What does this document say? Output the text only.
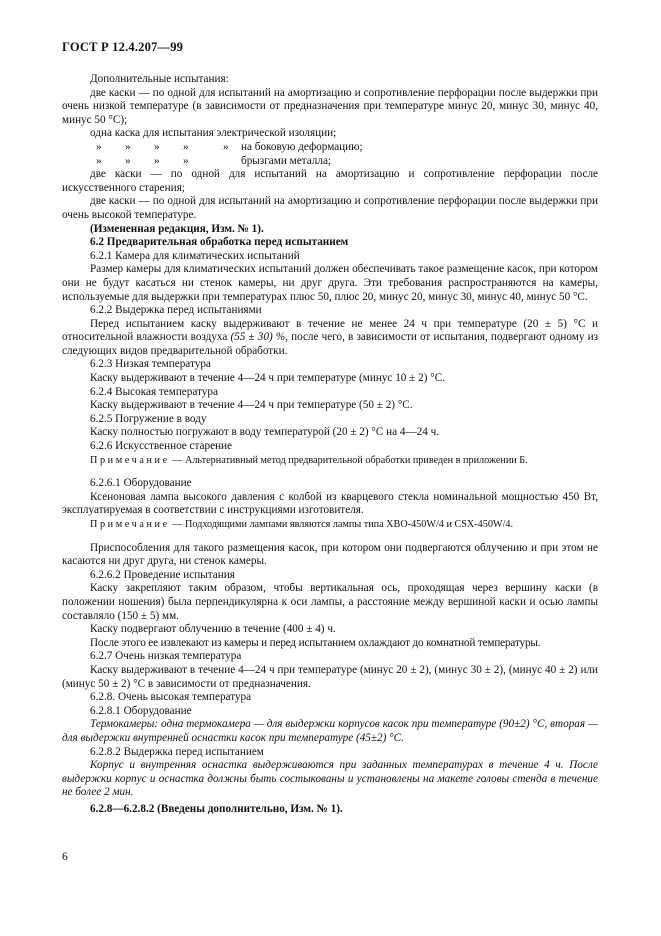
ГОСТ Р 12.4.207—99

Дополнительные испытания:

две каски — по одной для испытаний на амортизацию и сопротивление перфорации после выдержки при очень низкой температуре (в зависимости от предназначения при температуре минус 20, минус 30, минус 40, минус 50 °С);

одна каска для испытания электрической изоляции;

»	»	»	»	»	на боковую деформацию;
»	»	»	»	брызгами металла;

две каски — по одной для испытаний на амортизацию и сопротивление перфорации после искусственного старения;

две каски — по одной для испытаний на амортизацию и сопротивление перфорации после выдержки при очень высокой температуре.

(Измененная редакция, Изм. № 1).

6.2 Предварительная обработка перед испытанием

6.2.1 Камера для климатических испытаний

Размер камеры для климатических испытаний должен обеспечивать такое размещение касок, при котором они не будут касаться ни стенок камеры, ни друг друга. Эти требования распространяются на камеры, используемые для выдержки при температурах плюс 50, плюс 20, минус 20, минус 30, минус 40, минус 50 °С.

6.2.2 Выдержка перед испытаниями

Перед испытанием каску выдерживают в течение не менее 24 ч при температуре (20 ± 5) °С и относительной влажности воздуха (55 ± 30) %, после чего, в зависимости от испытания, подвергают одному из следующих видов предварительной обработки.

6.2.3 Низкая температура

Каску выдерживают в течение 4—24 ч при температуре (минус 10 ± 2) °С.

6.2.4 Высокая температура

Каску выдерживают в течение 4—24 ч при температуре (50 ± 2) °С.

6.2.5 Погружение в воду

Каску полностью погружают в воду температурой (20 ± 2) °С на 4—24 ч.

6.2.6 Искусственное старение

Примечание — Альтернативный метод предварительной обработки приведен в приложении Б.

6.2.6.1 Оборудование

Ксеноновая лампа высокого давления с колбой из кварцевого стекла номинальной мощностью 450 Вт, эксплуатируемая в соответствии с инструкциями изготовителя.

Примечание — Подходящими лампами являются лампы типа XBO-450W/4 и CSX-450W/4.

Приспособления для такого размещения касок, при котором они подвергаются облучению и при этом не касаются ни друг друга, ни стенок камеры.

6.2.6.2 Проведение испытания

Каску закрепляют таким образом, чтобы вертикальная ось, проходящая через вершину каски (в положении ношения) была перпендикулярна к оси лампы, а расстояние между вершиной каски и осью лампы составляло (150 ± 5) мм.

Каску подвергают облучению в течение (400 ± 4) ч.

После этого ее извлекают из камеры и перед испытанием охлаждают до комнатной температуры.

6.2.7 Очень низкая температура

Каску выдерживают в течение 4—24 ч при температуре (минус 20 ± 2), (минус 30 ± 2), (минус 40 ± 2) или (минус 50 ± 2) °С в зависимости от предназначения.

6.2.8. Очень высокая температура

6.2.8.1 Оборудование

Термокамеры: одна термокамера — для выдержки корпусов касок при температуре (90±2) °С, вторая — для выдержки внутренней оснастки касок при температуре (45±2) °С.

6.2.8.2 Выдержка перед испытанием

Корпус и внутренняя оснастка выдерживаются при заданных температурах в течение 4 ч. После выдержки корпус и оснастка должны быть состыкованы и установлены на макете головы стенда в течение не более 2 мин.

6.2.8—6.2.8.2 (Введены дополнительно, Изм. № 1).

6
